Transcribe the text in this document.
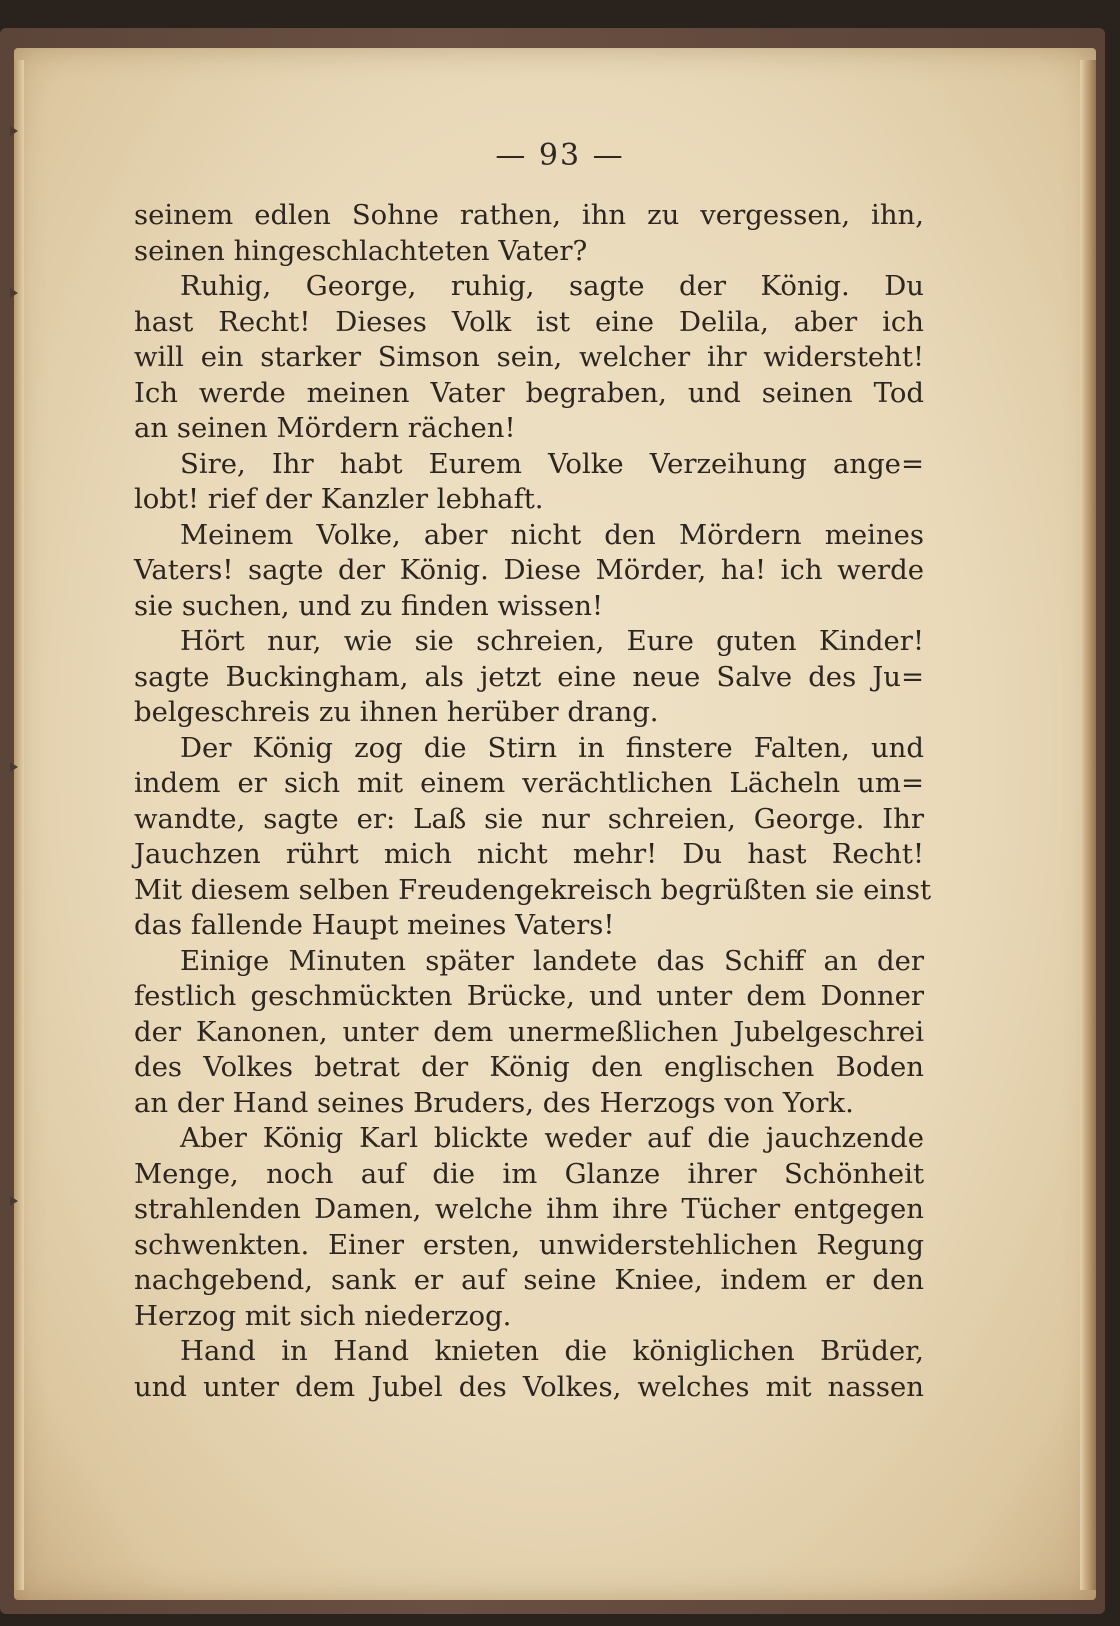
— 93 —
seinem edlen Sohne rathen, ihn zu vergessen, ihn,
seinen hingeschlachteten Vater?
Ruhig, George, ruhig, sagte der König. Du
hast Recht! Dieses Volk ist eine Delila, aber ich
will ein starker Simson sein, welcher ihr widersteht!
Ich werde meinen Vater begraben, und seinen Tod
an seinen Mördern rächen!
Sire, Ihr habt Eurem Volke Verzeihung ange=
lobt! rief der Kanzler lebhaft.
Meinem Volke, aber nicht den Mördern meines
Vaters! sagte der König. Diese Mörder, ha! ich werde
sie suchen, und zu finden wissen!
Hört nur, wie sie schreien, Eure guten Kinder!
sagte Buckingham, als jetzt eine neue Salve des Ju=
belgeschreis zu ihnen herüber drang.
Der König zog die Stirn in finstere Falten, und
indem er sich mit einem verächtlichen Lächeln um=
wandte, sagte er: Laß sie nur schreien, George. Ihr
Jauchzen rührt mich nicht mehr! Du hast Recht!
Mit diesem selben Freudengekreisch begrüßten sie einst
das fallende Haupt meines Vaters!
Einige Minuten später landete das Schiff an der
festlich geschmückten Brücke, und unter dem Donner
der Kanonen, unter dem unermeßlichen Jubelgeschrei
des Volkes betrat der König den englischen Boden
an der Hand seines Bruders, des Herzogs von York.
Aber König Karl blickte weder auf die jauchzende
Menge, noch auf die im Glanze ihrer Schönheit
strahlenden Damen, welche ihm ihre Tücher entgegen
schwenkten. Einer ersten, unwiderstehlichen Regung
nachgebend, sank er auf seine Kniee, indem er den
Herzog mit sich niederzog.
Hand in Hand knieten die königlichen Brüder,
und unter dem Jubel des Volkes, welches mit nassen
